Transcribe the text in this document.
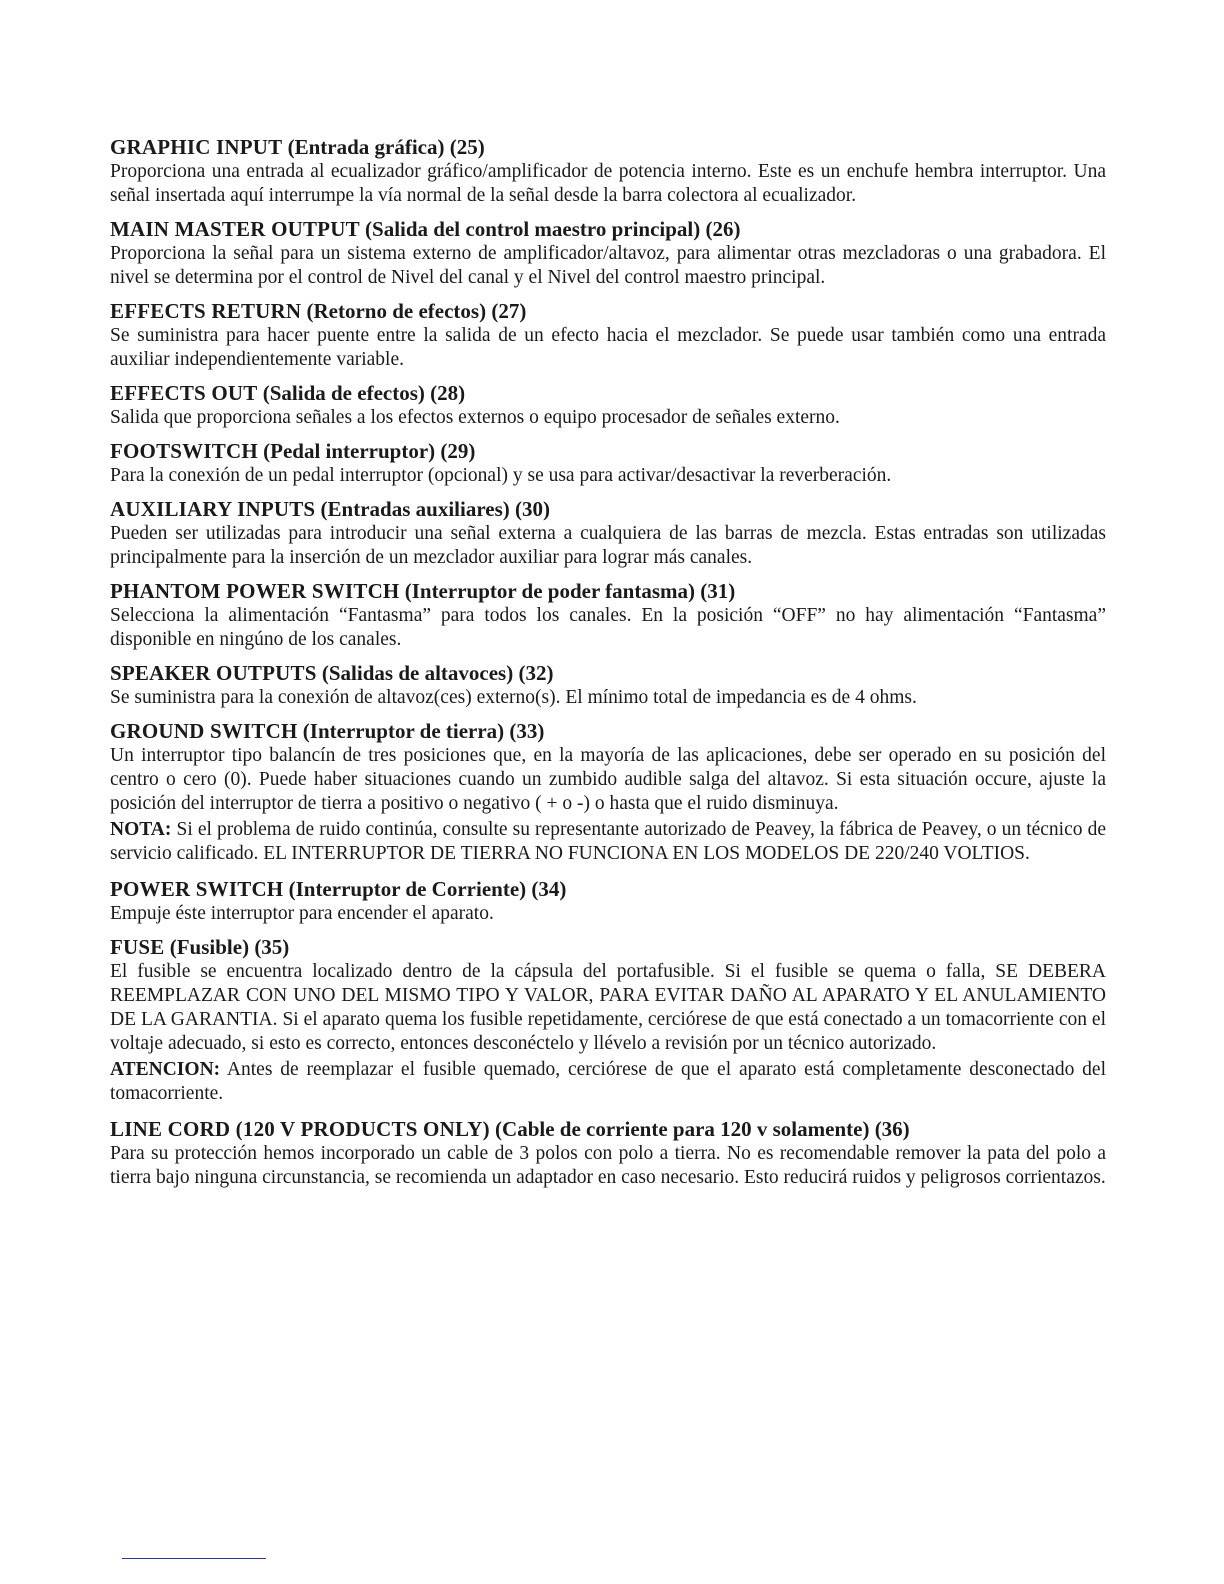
GRAPHIC INPUT (Entrada gráfica) (25)

Proporciona una entrada al ecualizador gráfico/amplificador de potencia interno. Este es un enchufe hembra interruptor. Una señal insertada aquí interrumpe la vía normal de la señal desde la barra colectora al ecualizador.

MAIN MASTER OUTPUT (Salida del control maestro principal) (26)

Proporciona la señal para un sistema externo de amplificador/altavoz, para alimentar otras mezcladoras o una grabadora. El nivel se determina por el control de Nivel del canal y el Nivel del control maestro principal.

EFFECTS RETURN (Retorno de efectos) (27)

Se suministra para hacer puente entre la salida de un efecto hacia el mezclador. Se puede usar también como una entrada auxiliar independientemente variable.

EFFECTS OUT (Salida de efectos) (28)

Salida que proporciona señales a los efectos externos o equipo procesador de señales externo.

FOOTSWITCH (Pedal interruptor) (29)

Para la conexión de un pedal interruptor (opcional) y se usa para activar/desactivar la reverberación.

AUXILIARY INPUTS (Entradas auxiliares) (30)

Pueden ser utilizadas para introducir una señal externa a cualquiera de las barras de mezcla. Estas entradas son utilizadas principalmente para la inserción de un mezclador auxiliar para lograr más canales.

PHANTOM POWER SWITCH (Interruptor de poder fantasma) (31)

Selecciona la alimentación “Fantasma” para todos los canales. En la posición “OFF” no hay alimentación “Fantasma” disponible en ningúno de los canales.

SPEAKER OUTPUTS (Salidas de altavoces) (32)

Se suministra para la conexión de altavoz(ces) externo(s). El mínimo total de impedancia es de 4 ohms.

GROUND SWITCH (Interruptor de tierra) (33)

Un interruptor tipo balancín de tres posiciones que, en la mayoría de las aplicaciones, debe ser operado en su posición del centro o cero (0). Puede haber situaciones cuando un zumbido audible salga del altavoz. Si esta situación occure, ajuste la posición del interruptor de tierra a positivo o negativo ( + o -) o hasta que el ruido disminuya.

NOTA: Si el problema de ruido continúa, consulte su representante autorizado de Peavey, la fábrica de Peavey, o un técnico de servicio calificado. EL INTERRUPTOR DE TIERRA NO FUNCIONA EN LOS MODELOS DE 220/240 VOLTIOS.

POWER SWITCH (Interruptor de Corriente) (34)

Empuje éste interruptor para encender el aparato.

FUSE (Fusible) (35)

El fusible se encuentra localizado dentro de la cápsula del portafusible. Si el fusible se quema o falla, SE DEBERA REEMPLAZAR CON UNO DEL MISMO TIPO Y VALOR, PARA EVITAR DAÑO AL APARATO Y EL ANULAMIENTO DE LA GARANTIA. Si el aparato quema los fusible repetidamente, cerciórese de que está conectado a un tomacorriente con el voltaje adecuado, si esto es correcto, entonces desconéctelo y llévelo a revisión por un técnico autorizado.

ATENCION: Antes de reemplazar el fusible quemado, cerciórese de que el aparato está completamente desconectado del tomacorriente.

LINE CORD (120 V PRODUCTS ONLY) (Cable de corriente para 120 v solamente) (36)

Para su protección hemos incorporado un cable de 3 polos con polo a tierra. No es recomendable remover la pata del polo a tierra bajo ninguna circunstancia, se recomienda un adaptador en caso necesario. Esto reducirá ruidos y peligrosos corrientazos.
